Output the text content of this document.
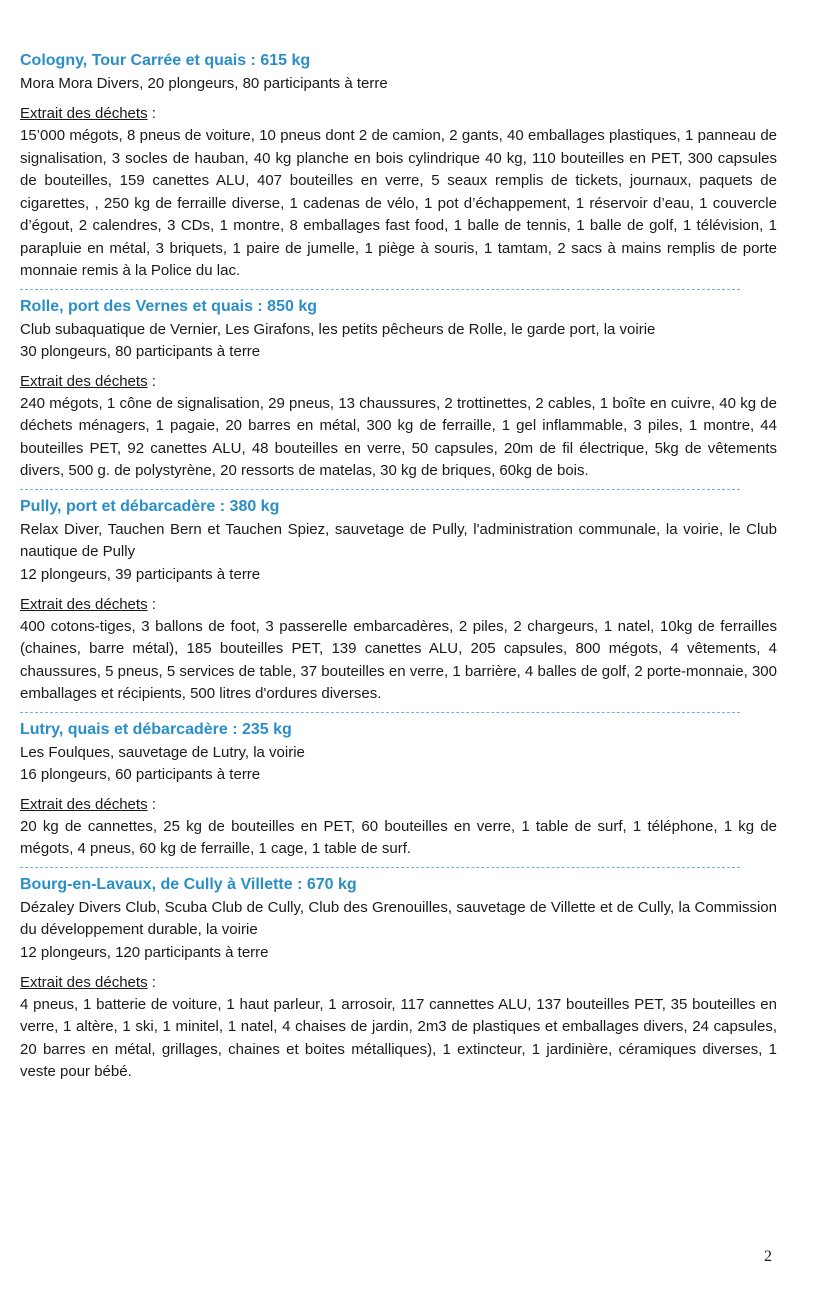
Cologny, Tour Carrée et quais : 615 kg
Mora Mora Divers, 20 plongeurs, 80 participants à terre
Extrait des déchets :
15’000 mégots, 8 pneus de voiture, 10 pneus dont 2 de camion, 2 gants, 40 emballages plastiques, 1 panneau de signalisation, 3 socles de hauban, 40 kg planche en bois cylindrique 40 kg, 110 bouteilles en PET, 300 capsules de bouteilles, 159 canettes ALU, 407 bouteilles en verre, 5 seaux remplis de tickets, journaux, paquets de cigarettes, , 250 kg de ferraille diverse, 1 cadenas de vélo, 1 pot d’échappement, 1 réservoir d’eau, 1 couvercle d’égout, 2 calendres, 3 CDs, 1 montre, 8 emballages fast food, 1 balle de tennis, 1 balle de golf, 1 télévision, 1 parapluie en métal, 3 briquets, 1 paire de jumelle, 1 piège à souris, 1 tamtam, 2 sacs à mains remplis de porte monnaie remis à la Police du lac.
Rolle, port des Vernes et quais : 850 kg
Club subaquatique de Vernier, Les Girafons, les petits pêcheurs de Rolle, le garde port, la voirie
30 plongeurs, 80 participants à terre
Extrait des déchets :
240 mégots, 1 cône de signalisation, 29 pneus, 13 chaussures, 2 trottinettes, 2 cables, 1 boîte en cuivre, 40 kg de déchets ménagers, 1 pagaie, 20 barres en métal, 300 kg de ferraille, 1 gel inflammable, 3 piles, 1 montre, 44 bouteilles PET, 92 canettes ALU, 48 bouteilles en verre, 50 capsules, 20m de fil électrique, 5kg de vêtements divers, 500 g. de polystyrène, 20 ressorts de matelas, 30 kg de briques, 60kg de bois.
Pully, port et débarcadère : 380 kg
Relax Diver, Tauchen Bern et Tauchen Spiez, sauvetage de Pully, l'administration communale, la voirie, le Club nautique de Pully
12 plongeurs, 39 participants à terre
Extrait des déchets :
400 cotons-tiges, 3 ballons de foot, 3 passerelle embarcadères, 2 piles, 2 chargeurs, 1 natel, 10kg de ferrailles (chaines, barre métal), 185 bouteilles PET, 139 canettes ALU, 205 capsules, 800 mégots, 4 vêtements, 4 chaussures, 5 pneus, 5 services de table, 37 bouteilles en verre, 1 barrière, 4 balles de golf, 2 porte-monnaie, 300 emballages et récipients, 500 litres d'ordures diverses.
Lutry, quais et débarcadère : 235 kg
Les Foulques, sauvetage de Lutry, la voirie
16 plongeurs, 60 participants à terre
Extrait des déchets :
20 kg de cannettes, 25 kg de bouteilles en PET, 60 bouteilles en verre, 1 table de surf, 1 téléphone, 1 kg de mégots, 4 pneus, 60 kg de ferraille, 1 cage, 1 table de surf.
Bourg-en-Lavaux, de Cully à Villette : 670 kg
Dézaley Divers Club, Scuba Club de Cully, Club des Grenouilles, sauvetage de Villette et de Cully, la Commission du développement durable, la voirie
12 plongeurs, 120 participants à terre
Extrait des déchets :
4 pneus, 1 batterie de voiture, 1 haut parleur, 1 arrosoir, 117 cannettes ALU, 137 bouteilles PET, 35 bouteilles en verre, 1 altère, 1 ski, 1 minitel, 1 natel, 4 chaises de jardin, 2m3 de plastiques et emballages divers, 24 capsules, 20 barres en métal, grillages, chaines et boites métalliques), 1 extincteur, 1 jardinière, céramiques diverses, 1 veste pour bébé.
2
